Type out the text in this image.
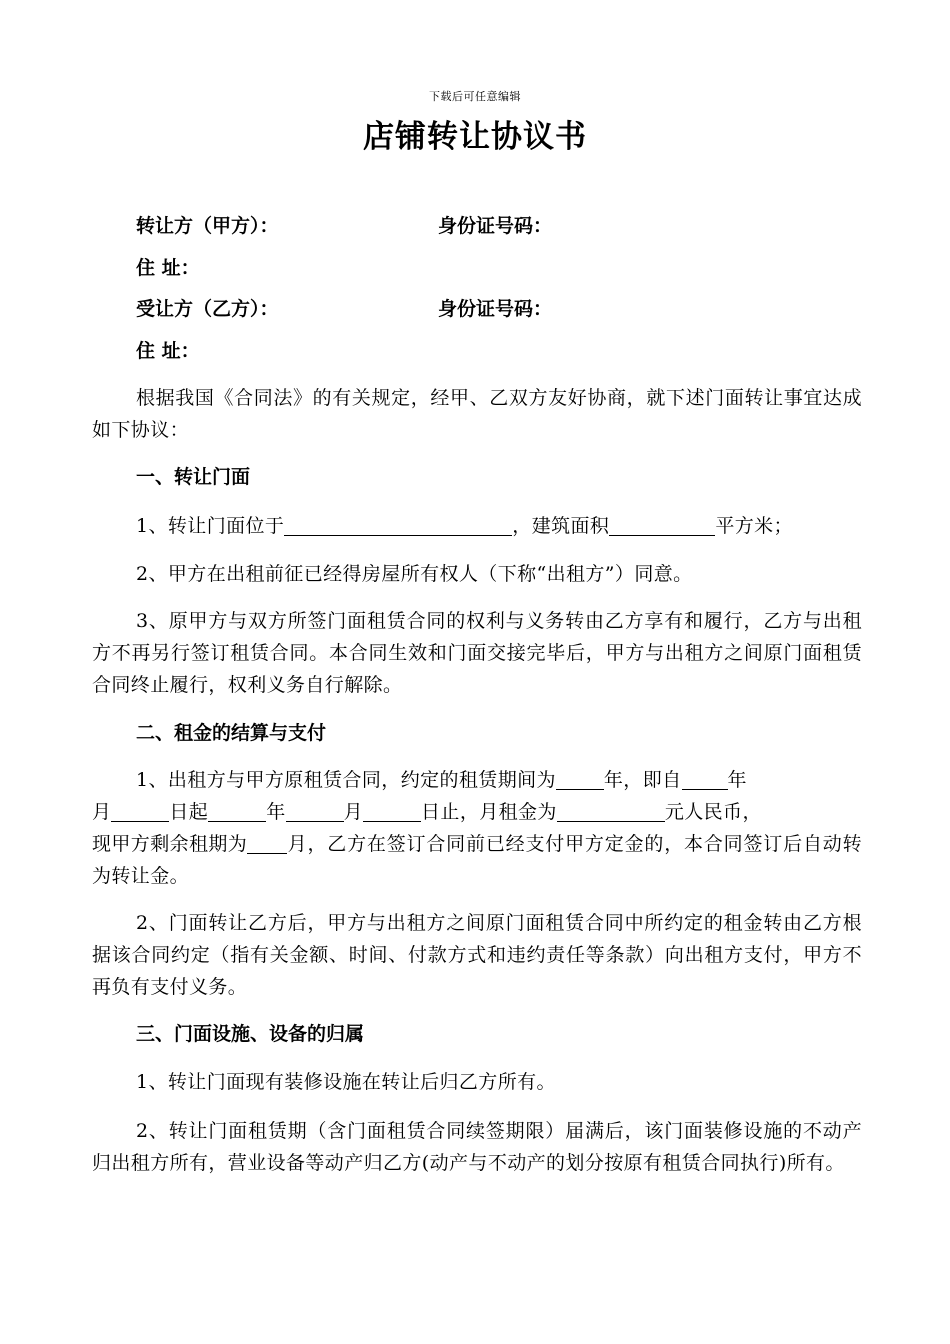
下载后可任意编辑
店铺转让协议书
转让方（甲方）：	身份证号码：
住 址：
受让方（乙方）：	身份证号码：
住 址：
根据我国《合同法》的有关规定，经甲、乙双方友好协商，就下述门面转让事宜达成如下协议：
一、转让门面
1、转让门面位于	，建筑面积	平方米；
2、甲方在出租前征已经得房屋所有权人（下称“出租方”）同意。
3、原甲方与双方所签门面租赁合同的权利与义务转由乙方享有和履行，乙方与出租方不再另行签订租赁合同。本合同生效和门面交接完毕后，甲方与出租方之间原门面租赁合同终止履行，权利义务自行解除。
二、租金的结算与支付
1、出租方与甲方原租赁合同，约定的租赁期间为	年，即自 年
月	日起	年	月	日止，月租金为	元人民币，
现甲方剩余租期为 月，乙方在签订合同前已经支付甲方定金的，本合同签订后自动转为转让金。
2、门面转让乙方后，甲方与出租方之间原门面租赁合同中所约定的租金转由乙方根据该合同约定（指有关金额、时间、付款方式和违约责任等条款）向出租方支付，甲方不再负有支付义务。
三、门面设施、设备的归属
1、转让门面现有装修设施在转让后归乙方所有。
2、转让门面租赁期（含门面租赁合同续签期限）届满后，该门面装修设施的不动产归出租方所有，营业设备等动产归乙方(动产与不动产的划分按原有租赁合同执行)所有。
